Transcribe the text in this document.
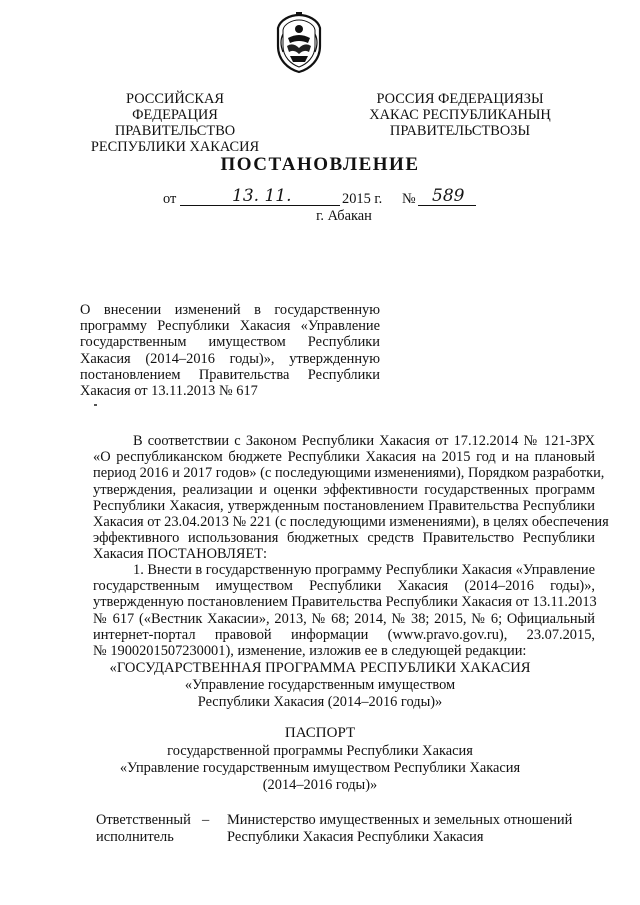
РОССИЙСКАЯ ФЕДЕРАЦИЯ
ПРАВИТЕЛЬСТВО
РЕСПУБЛИКИ ХАКАСИЯ
РОССИЯ ФЕДЕРАЦИЯЗЫ
ХАКАС РЕСПУБЛИКАНЫҢ
ПРАВИТЕЛЬСТВОЗЫ
ПОСТАНОВЛЕНИЕ
от	13. 11.	2015 г. № 589
г. Абакан
О внесении изменений в государственную
программу Республики Хакасия «Управление
государственным имуществом Республики
Хакасия (2014–2016 годы)», утвержденную
постановлением Правительства Республики
Хакасия от 13.11.2013 № 617
В соответствии с Законом Республики Хакасия от 17.12.2014 № 121-ЗРХ
«О республиканском бюджете Республики Хакасия на 2015 год и на плановый
период 2016 и 2017 годов» (с последующими изменениями), Порядком разработки,
утверждения, реализации и оценки эффективности государственных программ
Республики Хакасия, утвержденным постановлением Правительства Республики
Хакасия от 23.04.2013 № 221 (с последующими изменениями), в целях обеспечения
эффективного использования бюджетных средств Правительство Республики
Хакасия ПОСТАНОВЛЯЕТ:
1. Внести в государственную программу Республики Хакасия «Управление
государственным имуществом Республики Хакасия (2014–2016 годы)»,
утвержденную постановлением Правительства Республики Хакасия от 13.11.2013
№ 617 («Вестник Хакасии», 2013, № 68; 2014, № 38; 2015, № 6; Официальный
интернет-портал правовой информации (www.pravo.gov.ru), 23.07.2015,
№ 1900201507230001), изменение, изложив ее в следующей редакции:
«ГОСУДАРСТВЕННАЯ ПРОГРАММА РЕСПУБЛИКИ ХАКАСИЯ
«Управление государственным имуществом
Республики Хакасия (2014–2016 годы)»
ПАСПОРТ
государственной программы Республики Хакасия
«Управление государственным имуществом Республики Хакасия
(2014–2016 годы)»
Ответственный
исполнитель
– Министерство имущественных и земельных отношений
Республики Хакасия Республики Хакасия
